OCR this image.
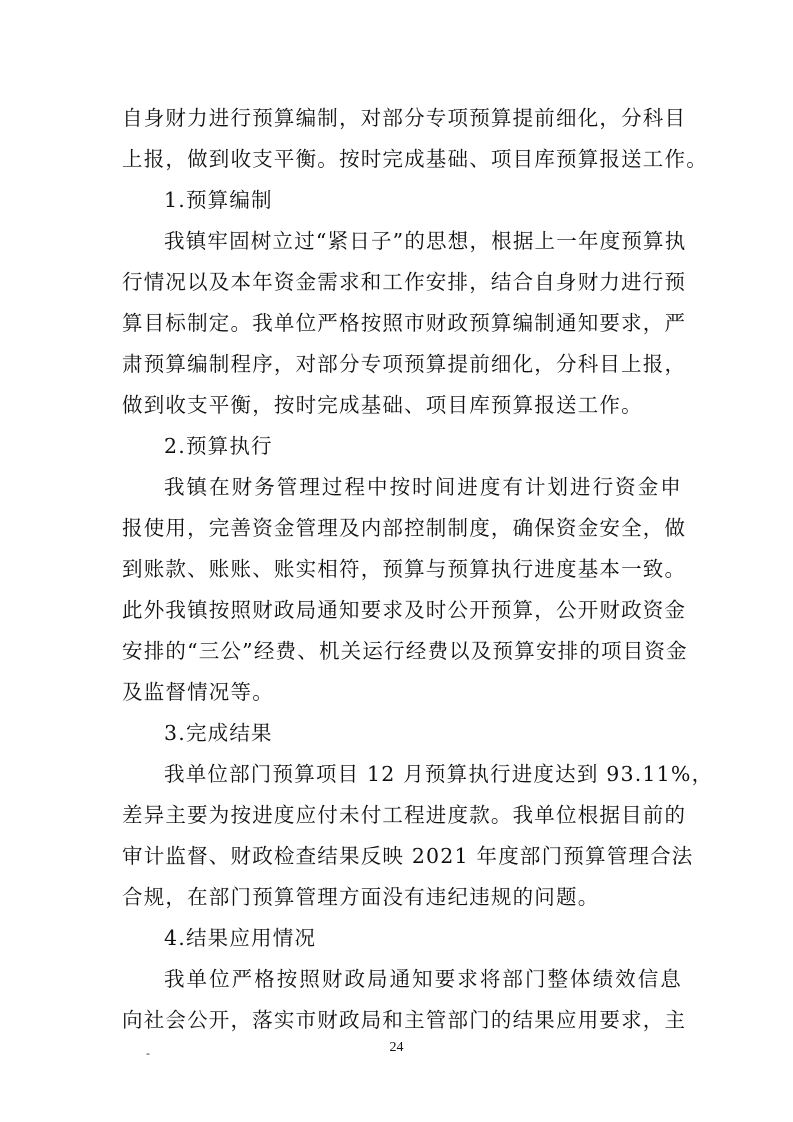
自身财力进行预算编制，对部分专项预算提前细化，分科目
上报，做到收支平衡。按时完成基础、项目库预算报送工作。
1.预算编制
我镇牢固树立过“紧日子”的思想，根据上一年度预算执
行情况以及本年资金需求和工作安排，结合自身财力进行预
算目标制定。我单位严格按照市财政预算编制通知要求，严
肃预算编制程序，对部分专项预算提前细化，分科目上报，
做到收支平衡，按时完成基础、项目库预算报送工作。
2.预算执行
我镇在财务管理过程中按时间进度有计划进行资金申
报使用，完善资金管理及内部控制制度，确保资金安全，做
到账款、账账、账实相符，预算与预算执行进度基本一致。
此外我镇按照财政局通知要求及时公开预算，公开财政资金
安排的“三公”经费、机关运行经费以及预算安排的项目资金
及监督情况等。
3.完成结果
我单位部门预算项目 12 月预算执行进度达到 93.11%，
差异主要为按进度应付未付工程进度款。我单位根据目前的
审计监督、财政检查结果反映 2021 年度部门预算管理合法
合规，在部门预算管理方面没有违纪违规的问题。
4.结果应用情况
我单位严格按照财政局通知要求将部门整体绩效信息
向社会公开，落实市财政局和主管部门的结果应用要求，主
-	24
